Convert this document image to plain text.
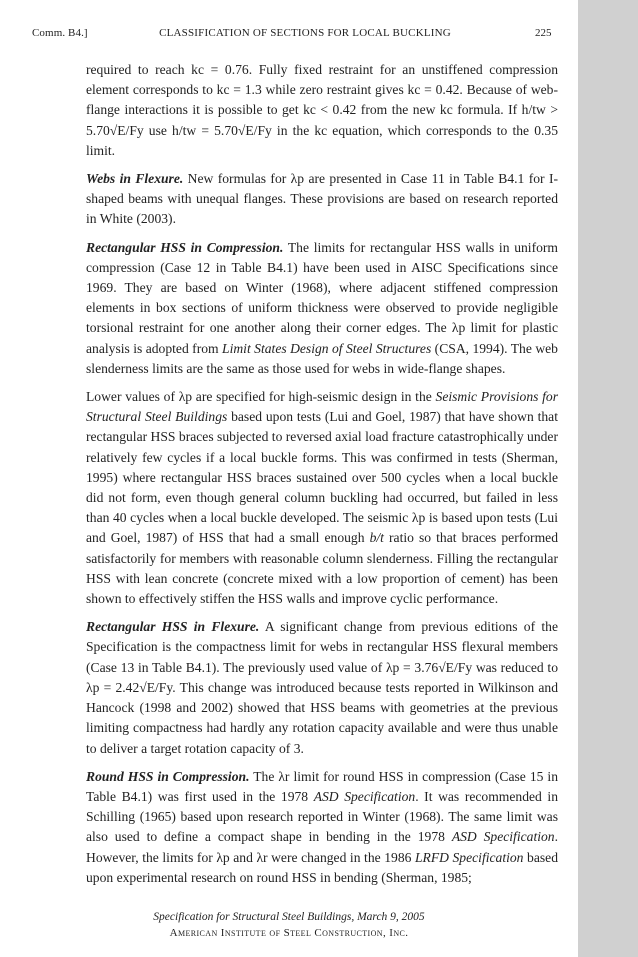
Comm. B4.]	CLASSIFICATION OF SECTIONS FOR LOCAL BUCKLING	225

required to reach kc = 0.76. Fully fixed restraint for an unstiffened compression element corresponds to kc = 1.3 while zero restraint gives kc = 0.42. Because of web-flange interactions it is possible to get kc < 0.42 from the new kc formula. If h/tw > 5.70√E/Fy use h/tw = 5.70√E/Fy in the kc equation, which corresponds to the 0.35 limit.

Webs in Flexure. New formulas for λp are presented in Case 11 in Table B4.1 for I-shaped beams with unequal flanges. These provisions are based on research reported in White (2003).

Rectangular HSS in Compression. The limits for rectangular HSS walls in uniform compression (Case 12 in Table B4.1) have been used in AISC Specifications since 1969. They are based on Winter (1968), where adjacent stiffened compression elements in box sections of uniform thickness were observed to provide negligible torsional restraint for one another along their corner edges. The λp limit for plastic analysis is adopted from Limit States Design of Steel Structures (CSA, 1994). The web slenderness limits are the same as those used for webs in wide-flange shapes.

Lower values of λp are specified for high-seismic design in the Seismic Provisions for Structural Steel Buildings based upon tests (Lui and Goel, 1987) that have shown that rectangular HSS braces subjected to reversed axial load fracture catastrophically under relatively few cycles if a local buckle forms. This was confirmed in tests (Sherman, 1995) where rectangular HSS braces sustained over 500 cycles when a local buckle did not form, even though general column buckling had occurred, but failed in less than 40 cycles when a local buckle developed. The seismic λp is based upon tests (Lui and Goel, 1987) of HSS that had a small enough b/t ratio so that braces performed satisfactorily for members with reasonable column slenderness. Filling the rectangular HSS with lean concrete (concrete mixed with a low proportion of cement) has been shown to effectively stiffen the HSS walls and improve cyclic performance.

Rectangular HSS in Flexure. A significant change from previous editions of the Specification is the compactness limit for webs in rectangular HSS flexural members (Case 13 in Table B4.1). The previously used value of λp = 3.76√E/Fy was reduced to λp = 2.42√E/Fy. This change was introduced because tests reported in Wilkinson and Hancock (1998 and 2002) showed that HSS beams with geometries at the previous limiting compactness had hardly any rotation capacity available and were thus unable to deliver a target rotation capacity of 3.

Round HSS in Compression. The λr limit for round HSS in compression (Case 15 in Table B4.1) was first used in the 1978 ASD Specification. It was recommended in Schilling (1965) based upon research reported in Winter (1968). The same limit was also used to define a compact shape in bending in the 1978 ASD Specification. However, the limits for λp and λr were changed in the 1986 LRFD Specification based upon experimental research on round HSS in bending (Sherman, 1985;

Specification for Structural Steel Buildings, March 9, 2005
American Institute of Steel Construction, Inc.
